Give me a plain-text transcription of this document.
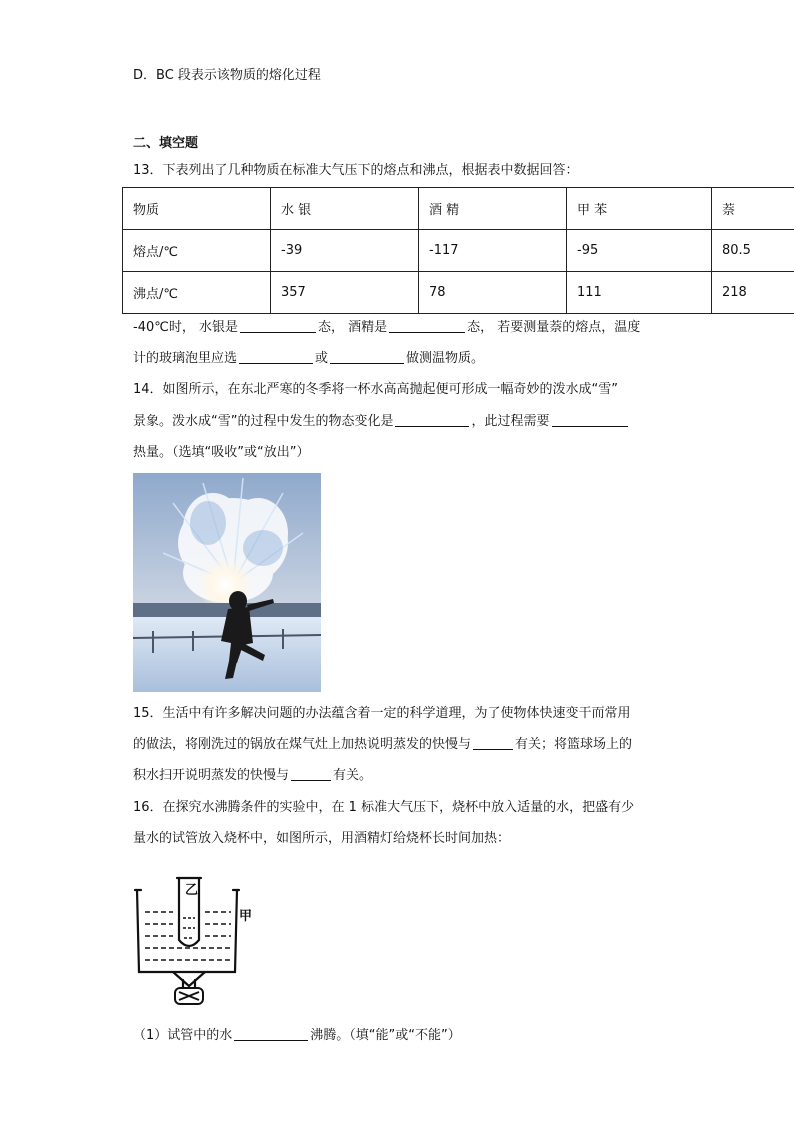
D．BC 段表示该物质的熔化过程
二、填空题
13．下表列出了几种物质在标准大气压下的熔点和沸点，根据表中数据回答：
物质	水 银	酒 精	甲 苯	萘
熔点/℃	-39	-117	-95	80.5
沸点/℃	357	78	111	218
-40℃时， 水银是	态， 酒精是	态， 若要测量萘的熔点，温度
计的玻璃泡里应选	或	做测温物质。
14．如图所示，在东北严寒的冬季将一杯水高高抛起便可形成一幅奇妙的泼水成“雪”
景象。泼水成“雪”的过程中发生的物态变化是	，此过程需要
热量。（选填“吸收”或“放出”）
15．生活中有许多解决问题的办法蕴含着一定的科学道理，为了使物体快速变干而常用
的做法，将刚洗过的锅放在煤气灶上加热说明蒸发的快慢与	有关；将篮球场上的
积水扫开说明蒸发的快慢与	有关。
16．在探究水沸腾条件的实验中，在 1 标准大气压下，烧杯中放入适量的水，把盛有少
量水的试管放入烧杯中，如图所示，用酒精灯给烧杯长时间加热：
乙
甲
（1）试管中的水	沸腾。（填“能”或“不能”）
